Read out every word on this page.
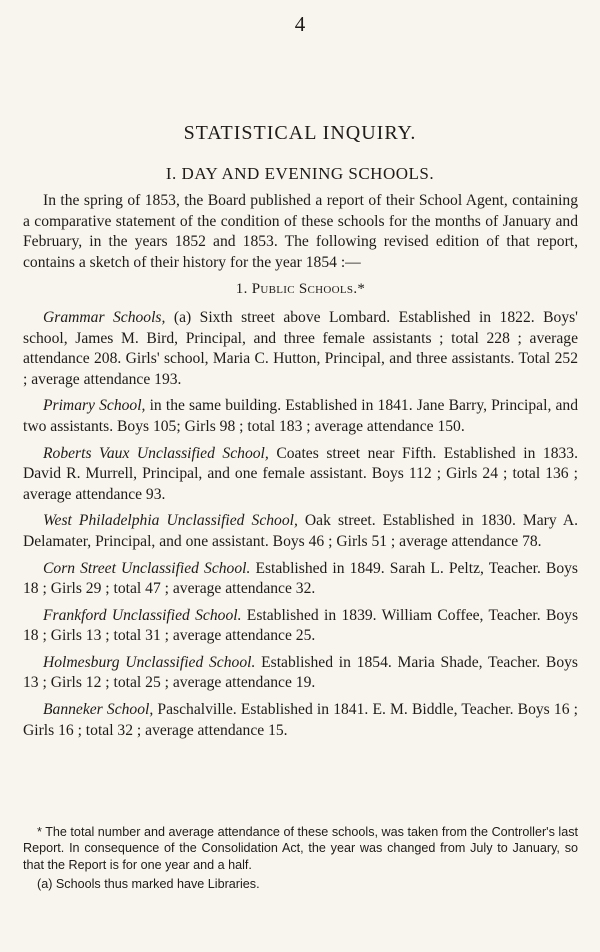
4
STATISTICAL INQUIRY.
I. DAY AND EVENING SCHOOLS.

In the spring of 1853, the Board published a report of their School Agent, containing a comparative statement of the condition of these schools for the months of January and February, in the years 1852 and 1853. The following revised edition of that report, contains a sketch of their history for the year 1854 :—

1. Public Schools.*

Grammar Schools, (a) Sixth street above Lombard. Established in 1822. Boys' school, James M. Bird, Principal, and three female assistants ; total 228 ; average attendance 208. Girls' school, Maria C. Hutton, Principal, and three assistants. Total 252 ; average attendance 193.

Primary School, in the same building. Established in 1841. Jane Barry, Principal, and two assistants. Boys 105; Girls 98 ; total 183 ; average attendance 150.

Roberts Vaux Unclassified School, Coates street near Fifth. Established in 1833. David R. Murrell, Principal, and one female assistant. Boys 112 ; Girls 24 ; total 136 ; average attendance 93.

West Philadelphia Unclassified School, Oak street. Established in 1830. Mary A. Delamater, Principal, and one assistant. Boys 46 ; Girls 51 ; average attendance 78.

Corn Street Unclassified School. Established in 1849. Sarah L. Peltz, Teacher. Boys 18 ; Girls 29 ; total 47 ; average attendance 32.

Frankford Unclassified School. Established in 1839. William Coffee, Teacher. Boys 18 ; Girls 13 ; total 31 ; average attendance 25.

Holmesburg Unclassified School. Established in 1854. Maria Shade, Teacher. Boys 13 ; Girls 12 ; total 25 ; average attendance 19.

Banneker School, Paschalville. Established in 1841. E. M. Biddle, Teacher. Boys 16 ; Girls 16 ; total 32 ; average attendance 15.

* The total number and average attendance of these schools, was taken from the Controller's last Report. In consequence of the Consolidation Act, the year was changed from July to January, so that the Report is for one year and a half.

(a) Schools thus marked have Libraries.
